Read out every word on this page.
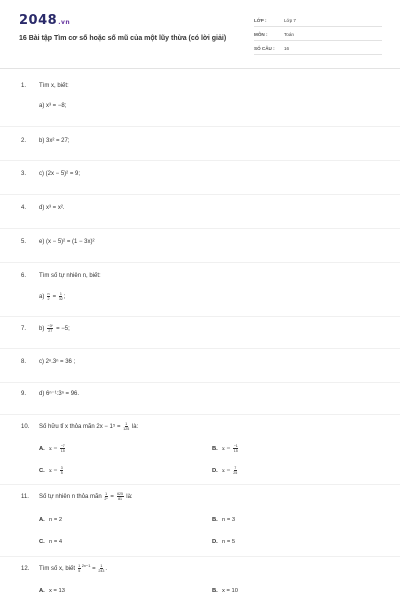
2048.vn
16 Bài tập Tìm cơ số hoặc số mũ của một lũy thừa (có lời giải)
LỚP :	Lớp 7
MÔN :	Toán
SỐ CÂU : 16
1. Tìm x, biết:
a) x³ = −8;
2. b) 3x² = 27;
3. c) (2x − 5)² = 9;
4. d) x³ = x².
5. e) (x − 5)² = (1 − 3x)²
6. Tìm số tự nhiên n, biết:
$a) \frac{n}{2} = \frac{1}{32}$ ;
7. $b) \frac{\text{−3ⁿ}}{27} = -5$;
8. c) 2ⁿ.3ⁿ = 36 ;
9. d) 6ⁿ⁻¹:3ⁿ = 96.
10. Số hữu tỉ x thỏa mãn $2x - 1^5 = \frac{1}{125}$ là:
A. $x = \frac{-7}{15}$	B. $x = \frac{-1}{15}$
C. $x = \frac{3}{5}$	D. $x = \frac{7}{25}$
11. Số tự nhiên n thỏa mãn $\frac{1}{\text{2ⁿ}} = \frac{625}{81}$ là:
A. n = 2	B. n = 3
C. n = 4	D. n = 5
12. Tìm số x, biết $\frac{1}{5} ^{2x-1} = \frac{1}{243}$ .
A. x = 13	B. x = 10
